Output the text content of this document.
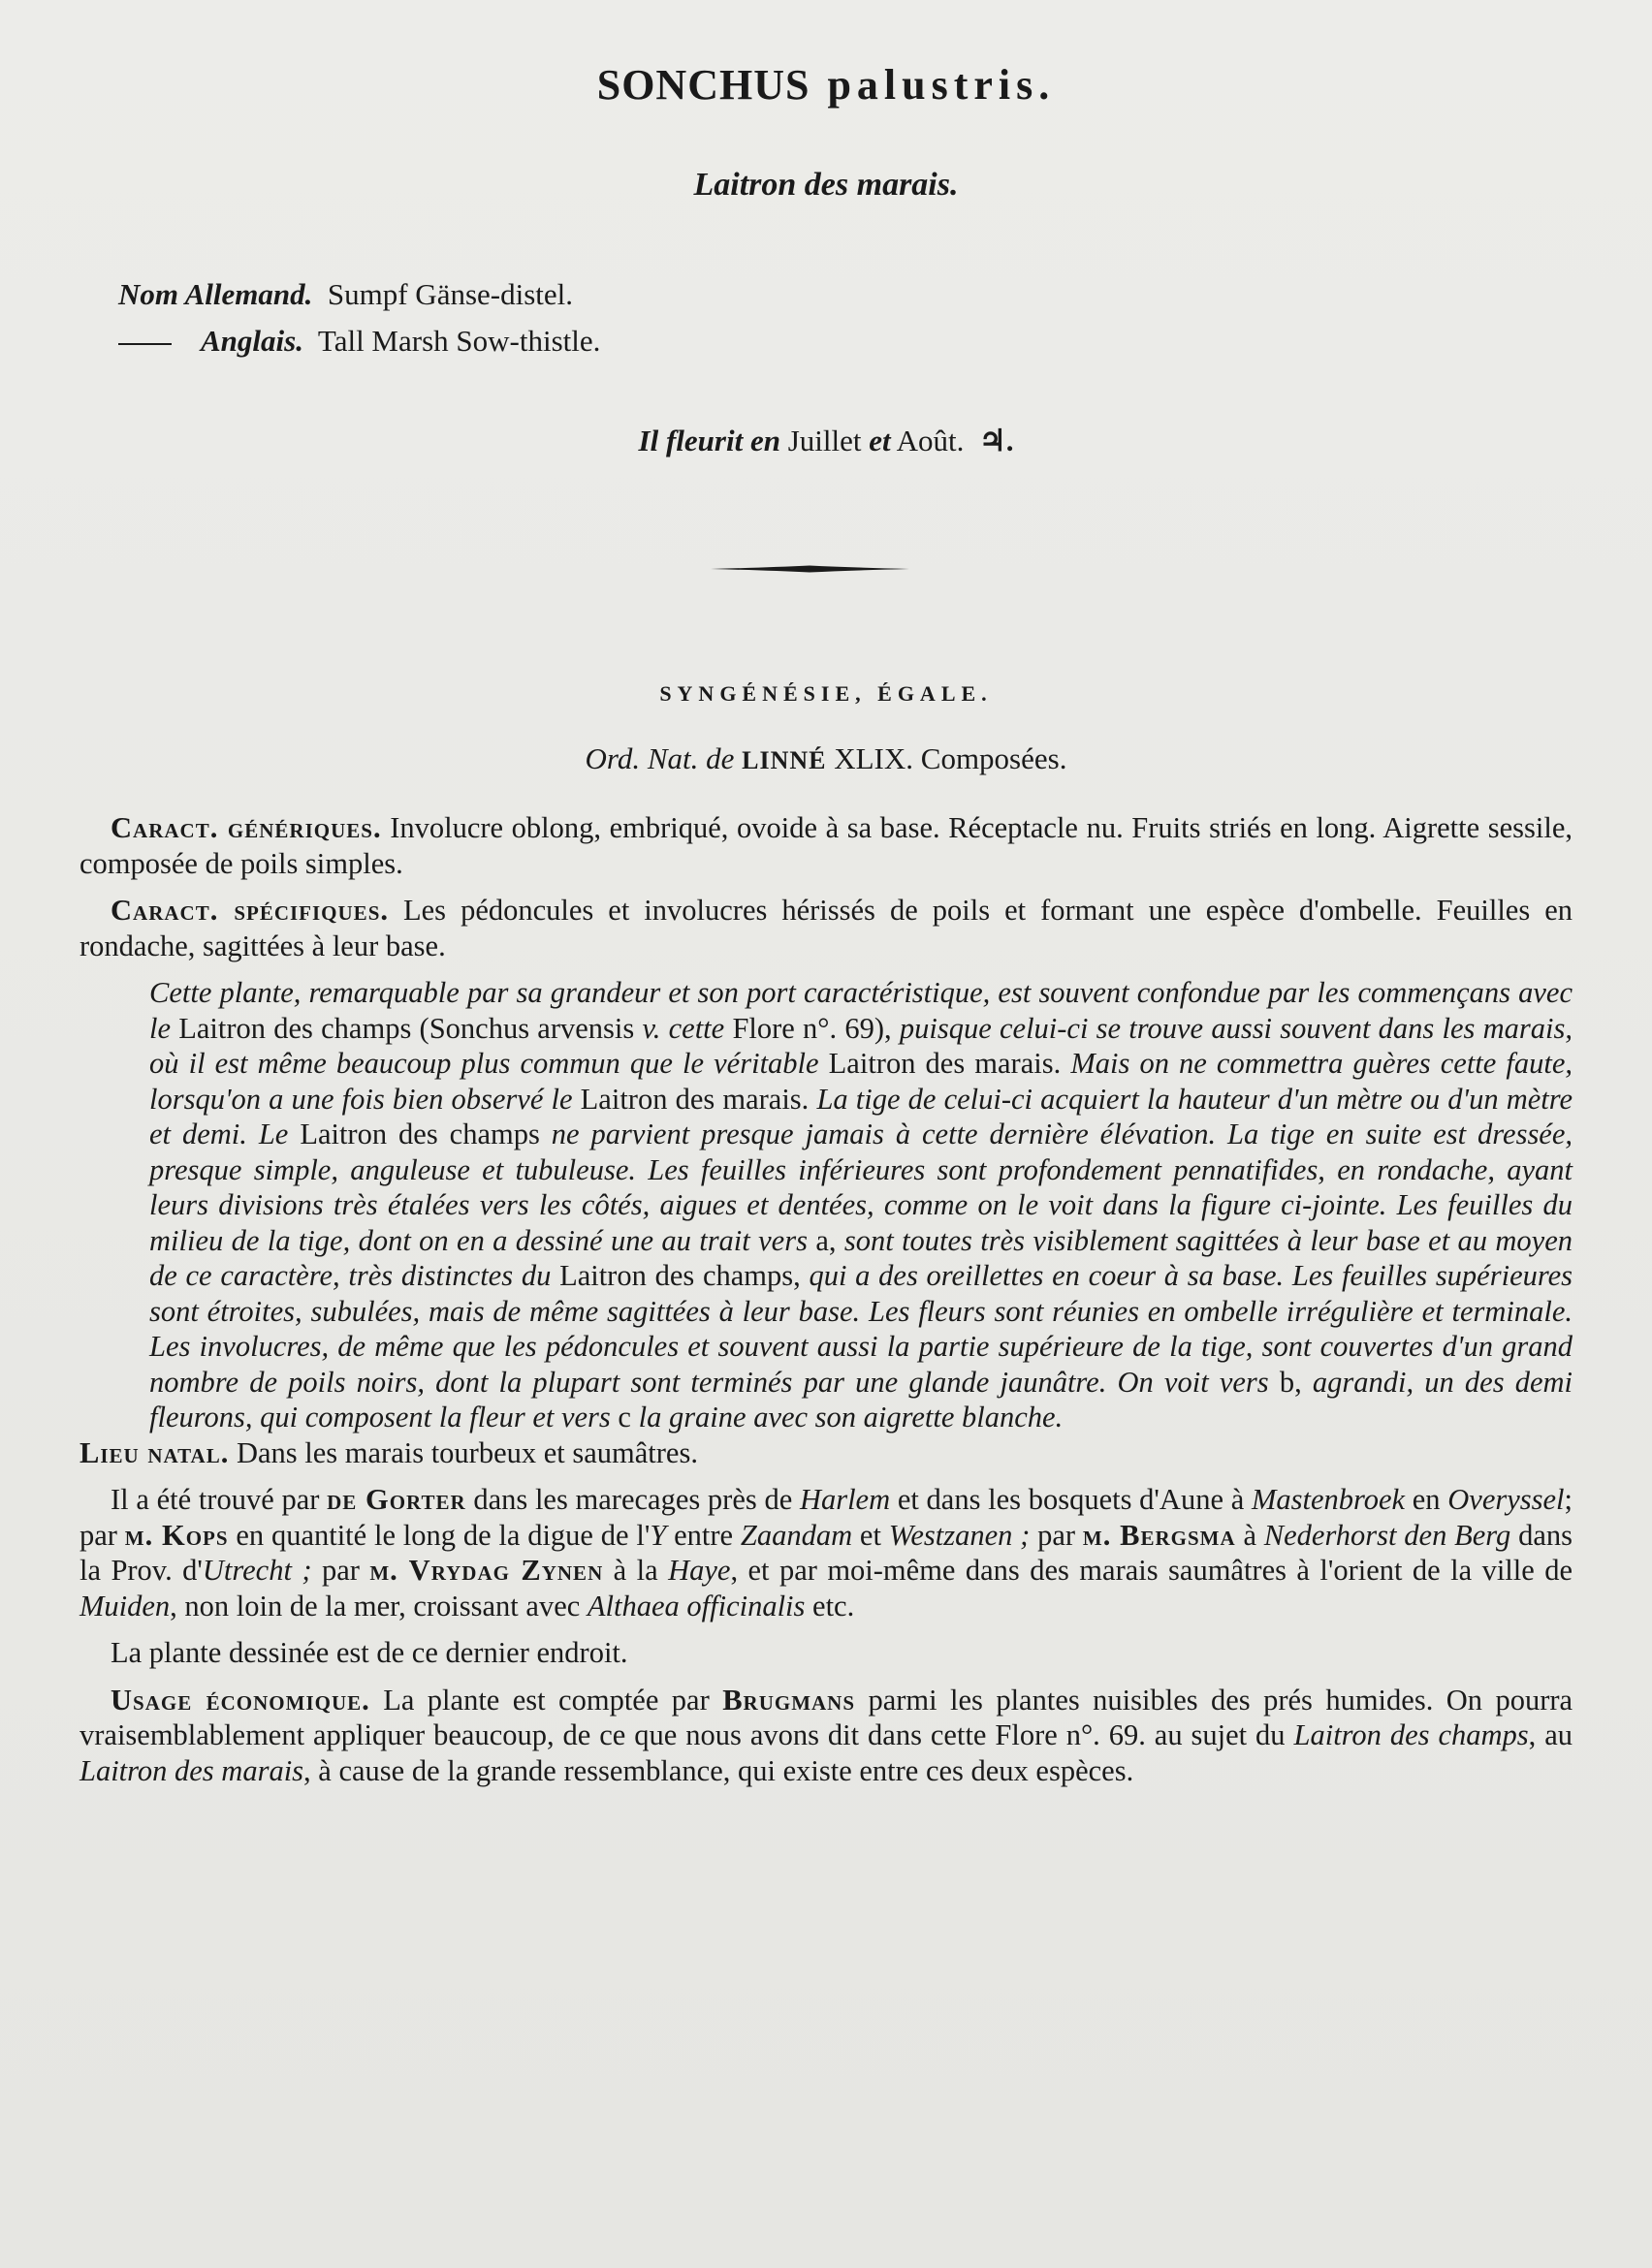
SONCHUS palustris.
Laitron des marais.
Nom Allemand. Sumpf Gänse-distel.
Anglais. Tall Marsh Sow-thistle.
Il fleurit en Juillet et Août. ♃.
SYNGÉNÉSIE, ÉGALE.
Ord. Nat. de LINNÉ XLIX. Composées.

Caract. génériques. Involucre oblong, embriqué, ovoide à sa base. Réceptacle nu. Fruits striés en long. Aigrette sessile, composée de poils simples.

Caract. spécifiques. Les pédoncules et involucres hérissés de poils et formant une espèce d'ombelle. Feuilles en rondache, sagittées à leur base.

Cette plante, remarquable par sa grandeur et son port caractéristique, est souvent confondue par les commençans avec le Laitron des champs (Sonchus arvensis v. cette Flore n°. 69), puisque celui-ci se trouve aussi souvent dans les marais, où il est même beaucoup plus commun que le véritable Laitron des marais. Mais on ne commettra guères cette faute, lorsqu'on a une fois bien observé le Laitron des marais. La tige de celui-ci acquiert la hauteur d'un mètre ou d'un mètre et demi. Le Laitron des champs ne parvient presque jamais à cette dernière élévation. La tige en suite est dressée, presque simple, anguleuse et tubuleuse. Les feuilles inférieures sont profondement pennatifides, en rondache, ayant leurs divisions très étalées vers les côtés, aigues et dentées, comme on le voit dans la figure ci-jointe. Les feuilles du milieu de la tige, dont on en a dessiné une au trait vers a, sont toutes très visiblement sagittées à leur base et au moyen de ce caractère, très distinctes du Laitron des champs, qui a des oreillettes en coeur à sa base. Les feuilles supérieures sont étroites, subulées, mais de même sagittées à leur base. Les fleurs sont réunies en ombelle irrégulière et terminale. Les involucres, de même que les pédoncules et souvent aussi la partie supérieure de la tige, sont couvertes d'un grand nombre de poils noirs, dont la plupart sont terminés par une glande jaunâtre. On voit vers b, agrandi, un des demi fleurons, qui composent la fleur et vers c la graine avec son aigrette blanche.

Lieu natal. Dans les marais tourbeux et saumâtres.

Il a été trouvé par de Gorter dans les marecages près de Harlem et dans les bosquets d'Aune à Mastenbroek en Overyssel; par m. Kops en quantité le long de la digue de l'Y entre Zaandam et Westzanen ; par m. Bergsma à Nederhorst den Berg dans la Prov. d'Utrecht ; par m. Vrydag Zynen à la Haye, et par moi-même dans des marais saumâtres à l'orient de la ville de Muiden, non loin de la mer, croissant avec Althaea officinalis etc.

La plante dessinée est de ce dernier endroit.

Usage économique. La plante est comptée par Brugmans parmi les plantes nuisibles des prés humides. On pourra vraisemblablement appliquer beaucoup, de ce que nous avons dit dans cette Flore n°. 69. au sujet du Laitron des champs, au Laitron des marais, à cause de la grande ressemblance, qui existe entre ces deux espèces.
